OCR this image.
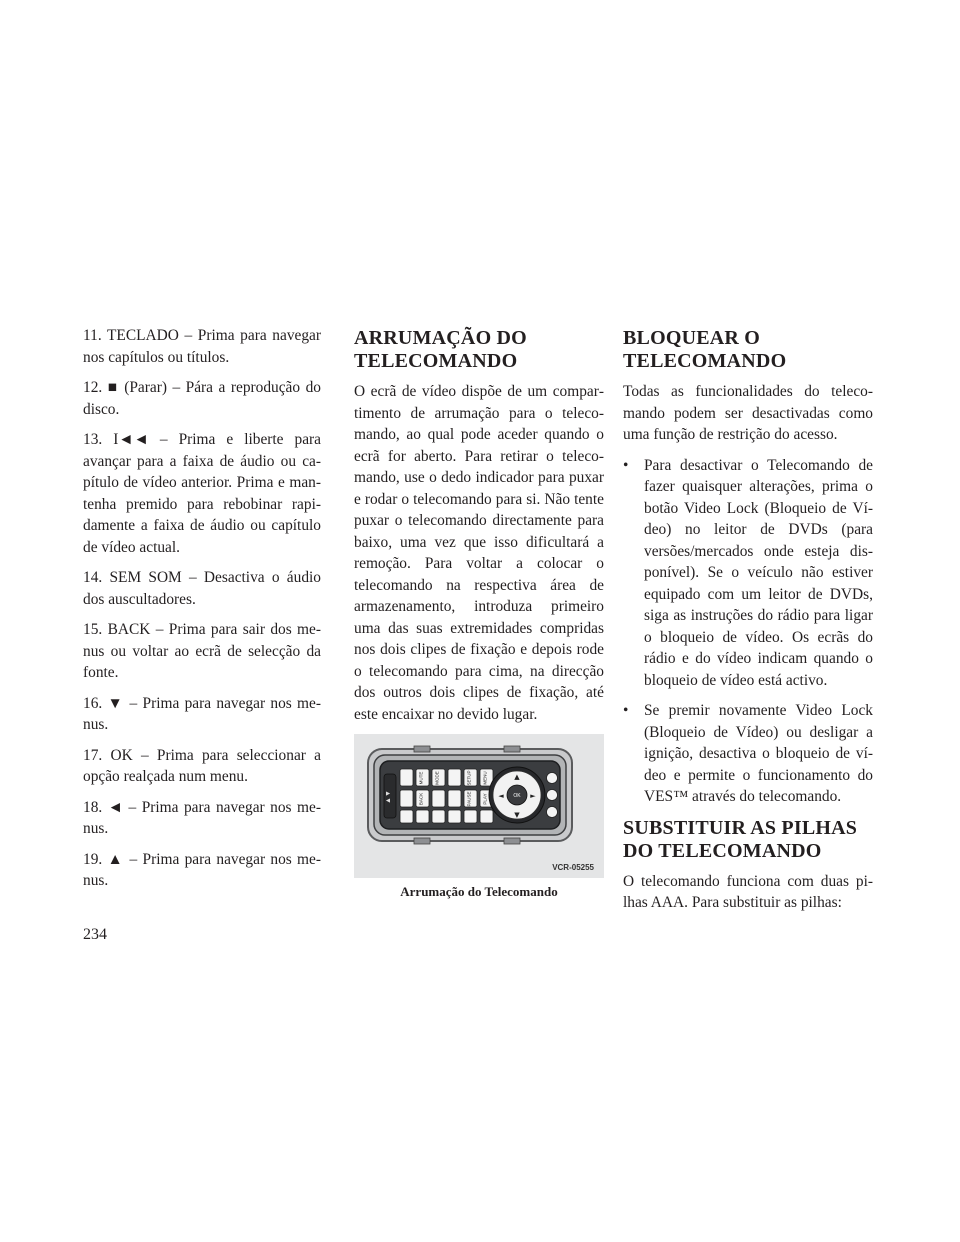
11. TECLADO – Prima para navegar nos capítulos ou títulos.

12. ■ (Parar) – Pára a reprodução do disco.

13. I◄◄ – Prima e liberte para avançar para a faixa de áudio ou capítulo de vídeo anterior. Prima e mantenha premido para rebobinar rapidamente a faixa de áudio ou capítulo de vídeo actual.

14. SEM SOM – Desactiva o áudio dos auscultadores.

15. BACK – Prima para sair dos menus ou voltar ao ecrã de selecção da fonte.

16. ▼ – Prima para navegar nos menus.

17. OK – Prima para seleccionar a opção realçada num menu.

18. ◄ – Prima para navegar nos menus.

19. ▲ – Prima para navegar nos menus.

ARRUMAÇÃO DO
TELECOMANDO

O ecrã de vídeo dispõe de um compartimento de arrumação para o telecomando, ao qual pode aceder quando o ecrã for aberto. Para retirar o telecomando, use o dedo indicador para puxar e rodar o telecomando para si. Não tente puxar o telecomando directamente para baixo, uma vez que isso dificultará a remoção. Para voltar a colocar o telecomando na respectiva área de armazenamento, introduza primeiro uma das suas extremidades compridas nos dois clipes de fixação e depois rode o telecomando para cima, na direcção dos outros dois clipes de fixação, até este encaixar no devido lugar.

MUTE MODE
BACK
SETUP MENU
PAUSE PLAY
▲▼	OK
▲
▼
◄	►
VCR-05255
Arrumação do Telecomando
BLOQUEAR O
TELECOMANDO

Todas as funcionalidades do telecomando podem ser desactivadas como uma função de restrição do acesso.

• Para desactivar o Telecomando de fazer quaisquer alterações, prima o botão Video Lock (Bloqueio de Vídeo) no leitor de DVDs (para versões/mercados onde esteja disponível). Se o veículo não estiver equipado com um leitor de DVDs, siga as instruções do rádio para ligar o bloqueio de vídeo. Os ecrãs do rádio e do vídeo indicam quando o bloqueio de vídeo está activo.
• Se premir novamente Video Lock (Bloqueio de Vídeo) ou desligar a ignição, desactiva o bloqueio de vídeo e permite o funcionamento do VES™ através do telecomando.
SUBSTITUIR AS PILHAS
DO TELECOMANDO

O telecomando funciona com duas pilhas AAA. Para substituir as pilhas:

234
